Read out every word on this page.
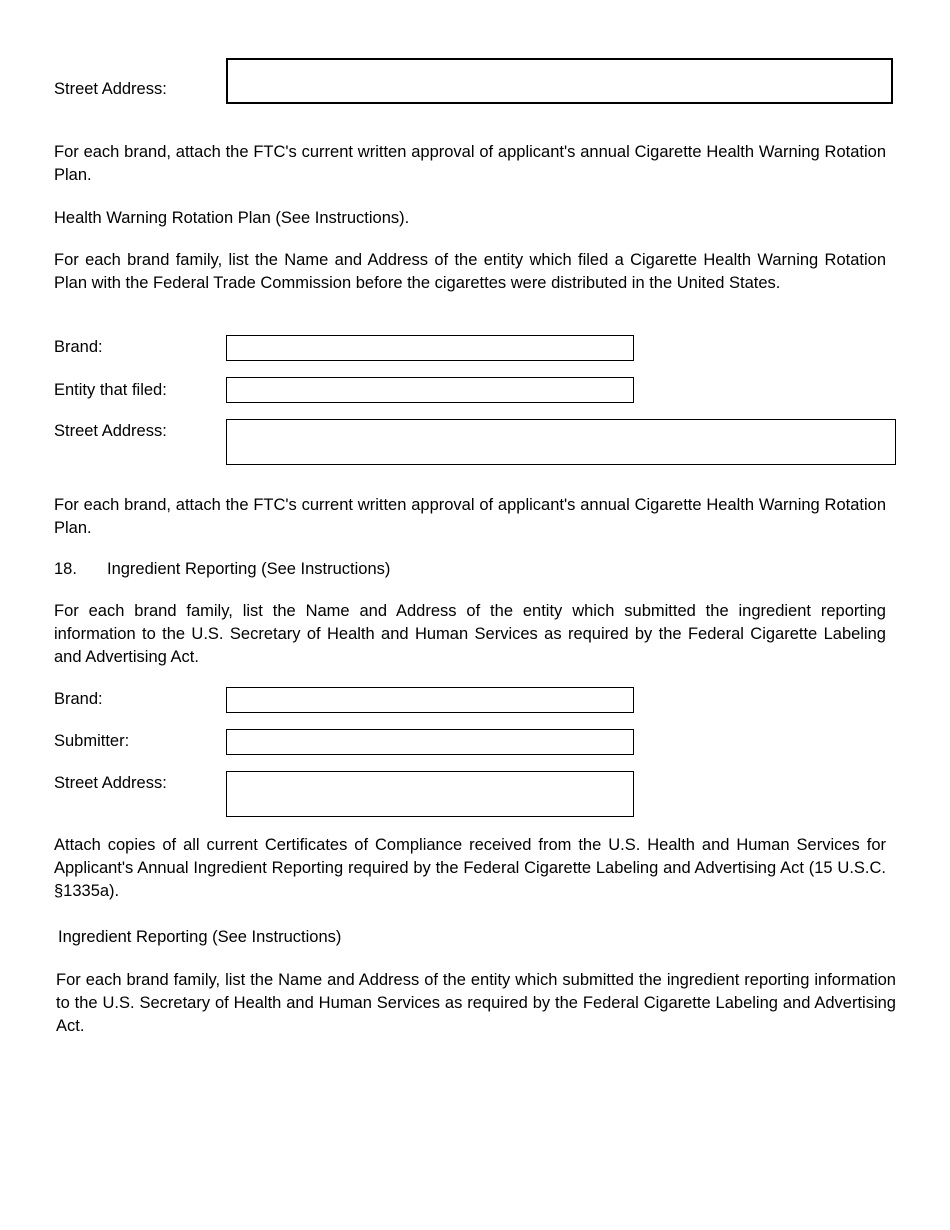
Street Address:

For each brand, attach the FTC's current written approval of applicant's annual Cigarette Health Warning Rotation Plan.

Health Warning Rotation Plan (See Instructions).

For each brand family, list the Name and Address of the entity which filed a Cigarette Health Warning Rotation Plan with the Federal Trade Commission before the cigarettes were distributed in the United States.

Brand:
Entity that filed:
Street Address:

For each brand, attach the FTC's current written approval of applicant's annual Cigarette Health Warning Rotation Plan.

18. Ingredient Reporting (See Instructions)

For each brand family, list the Name and Address of the entity which submitted the ingredient reporting information to the U.S. Secretary of Health and Human Services as required by the Federal Cigarette Labeling and Advertising Act.

Brand:
Submitter:
Street Address:

Attach copies of all current Certificates of Compliance received from the U.S. Health and Human Services for Applicant's Annual Ingredient Reporting required by the Federal Cigarette Labeling and Advertising Act (15 U.S.C. §1335a).

Ingredient Reporting (See Instructions)

For each brand family, list the Name and Address of the entity which submitted the ingredient reporting information to the U.S. Secretary of Health and Human Services as required by the Federal Cigarette Labeling and Advertising Act.
